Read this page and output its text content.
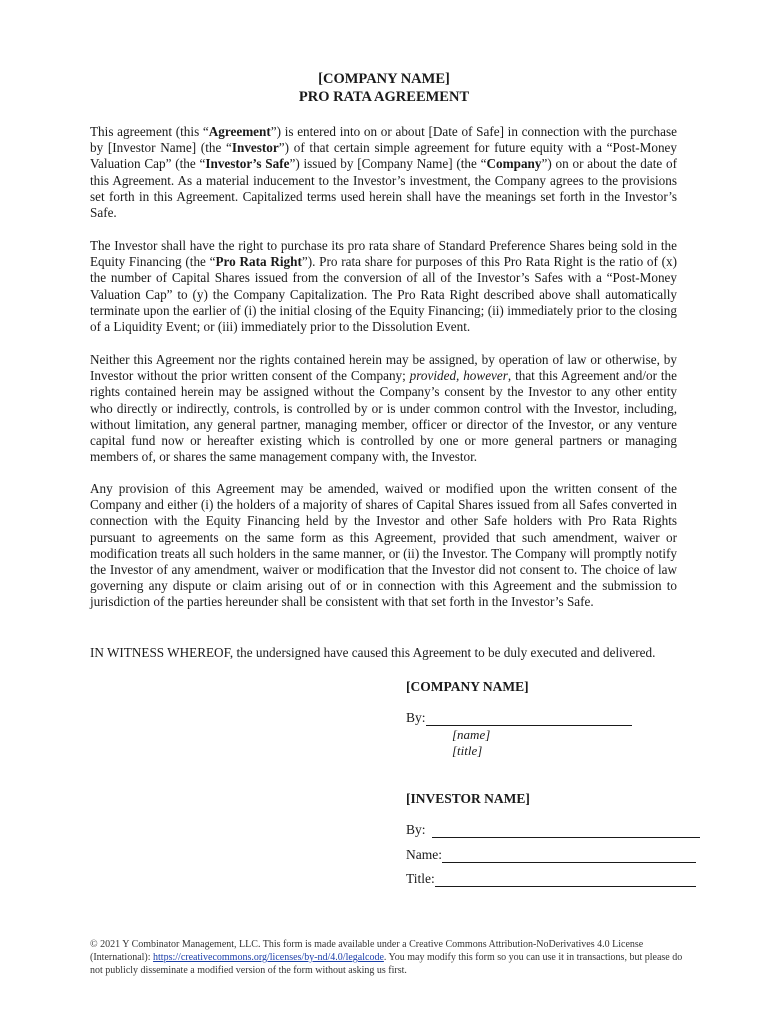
[COMPANY NAME]
PRO RATA AGREEMENT
This agreement (this “Agreement”) is entered into on or about [Date of Safe] in connection with the purchase by [Investor Name] (the “Investor”) of that certain simple agreement for future equity with a “Post-Money Valuation Cap” (the “Investor’s Safe”) issued by [Company Name] (the “Company”) on or about the date of this Agreement. As a material inducement to the Investor’s investment, the Company agrees to the provisions set forth in this Agreement. Capitalized terms used herein shall have the meanings set forth in the Investor’s Safe.
The Investor shall have the right to purchase its pro rata share of Standard Preference Shares being sold in the Equity Financing (the “Pro Rata Right”). Pro rata share for purposes of this Pro Rata Right is the ratio of (x) the number of Capital Shares issued from the conversion of all of the Investor’s Safes with a “Post-Money Valuation Cap” to (y) the Company Capitalization. The Pro Rata Right described above shall automatically terminate upon the earlier of (i) the initial closing of the Equity Financing; (ii) immediately prior to the closing of a Liquidity Event; or (iii) immediately prior to the Dissolution Event.
Neither this Agreement nor the rights contained herein may be assigned, by operation of law or otherwise, by Investor without the prior written consent of the Company; provided, however, that this Agreement and/or the rights contained herein may be assigned without the Company’s consent by the Investor to any other entity who directly or indirectly, controls, is controlled by or is under common control with the Investor, including, without limitation, any general partner, managing member, officer or director of the Investor, or any venture capital fund now or hereafter existing which is controlled by one or more general partners or managing members of, or shares the same management company with, the Investor.
Any provision of this Agreement may be amended, waived or modified upon the written consent of the Company and either (i) the holders of a majority of shares of Capital Shares issued from all Safes converted in connection with the Equity Financing held by the Investor and other Safe holders with Pro Rata Rights pursuant to agreements on the same form as this Agreement, provided that such amendment, waiver or modification treats all such holders in the same manner, or (ii) the Investor. The Company will promptly notify the Investor of any amendment, waiver or modification that the Investor did not consent to. The choice of law governing any dispute or claim arising out of or in connection with this Agreement and the submission to jurisdiction of the parties hereunder shall be consistent with that set forth in the Investor’s Safe.
IN WITNESS WHEREOF, the undersigned have caused this Agreement to be duly executed and delivered.
[COMPANY NAME]
By:
[name]
[title]
[INVESTOR NAME]
By:
Name:
Title:
© 2021 Y Combinator Management, LLC. This form is made available under a Creative Commons Attribution-NoDerivatives 4.0 License (International): https://creativecommons.org/licenses/by-nd/4.0/legalcode. You may modify this form so you can use it in transactions, but please do not publicly disseminate a modified version of the form without asking us first.
